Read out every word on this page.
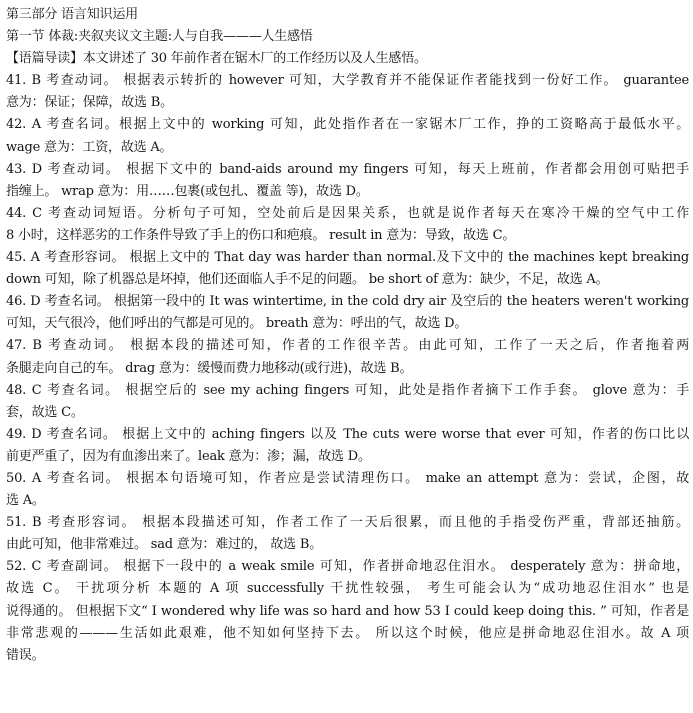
第三部分 语言知识运用
第一节 体裁:夹叙夹议文主题:人与自我———人生感悟
【语篇导读】本文讲述了 30 年前作者在锯木厂的工作经历以及人生感悟。
41. B 考查动词。 根据表示转折的 however 可知，大学教育并不能保证作者能找到一份好工作。 guarantee
意为：保证；保障，故选 B。
42. A 考查名词。根据上文中的 working 可知，此处指作者在一家锯木厂工作，挣的工资略高于最低水平。
wage 意为：工资，故选 A。
43. D 考查动词。 根据下文中的 band-aids around my fingers 可知，每天上班前，作者都会用创可贴把手
指缠上。 wrap 意为：用……包裹(或包扎、覆盖 等)，故选 D。
44. C 考查动词短语。分析句子可知，空处前后是因果关系，也就是说作者每天在寒冷干燥的空气中工作
8 小时，这样恶劣的工作条件导致了手上的伤口和疤痕。 result in 意为：导致，故选 C。
45. A 考查形容词。 根据上文中的 That day was harder than normal.及下文中的 the machines kept breaking
down 可知，除了机器总是坏掉，他们还面临人手不足的问题。 be short of 意为：缺少，不足，故选 A。
46. D 考查名词。 根据第一段中的 It was wintertime, in the cold dry air 及空后的 the heaters weren't working
可知，天气很冷，他们呼出的气都是可见的。 breath 意为：呼出的气，故选 D。
47. B 考查动词。 根据本段的描述可知，作者的工作很辛苦。由此可知，工作了一天之后，作者拖着两
条腿走向自己的车。 drag 意为：缓慢而费力地移动(或行进)，故选 B。
48. C 考查名词。 根据空后的 see my aching fingers 可知，此处是指作者摘下工作手套。 glove 意为：手
套，故选 C。
49. D 考查名词。 根据上文中的 aching fingers 以及 The cuts were worse that ever 可知，作者的伤口比以
前更严重了，因为有血渗出来了。leak 意为：渗；漏，故选 D。
50. A 考查名词。 根据本句语境可知，作者应是尝试清理伤口。 make an attempt 意为：尝试，企图，故
选 A。
51. B 考查形容词。 根据本段描述可知，作者工作了一天后很累，而且他的手指受伤严重，背部还抽筋。
由此可知，他非常难过。 sad 意为：难过的， 故选 B。
52. C 考查副词。 根据下一段中的 a weak smile 可知，作者拼命地忍住泪水。 desperately 意为：拼命地，
故选 C。 干扰项分析 本题的 A 项 successfully 干扰性较强， 考生可能会认为“成功地忍住泪水” 也是
说得通的。 但根据下文“ I wondered why life was so hard and how 53 I could keep doing this. ” 可知，作者是
非常悲观的———生活如此艰难，他不知如何坚持下去。 所以这个时候，他应是拼命地忍住泪水。故 A 项
错误。
